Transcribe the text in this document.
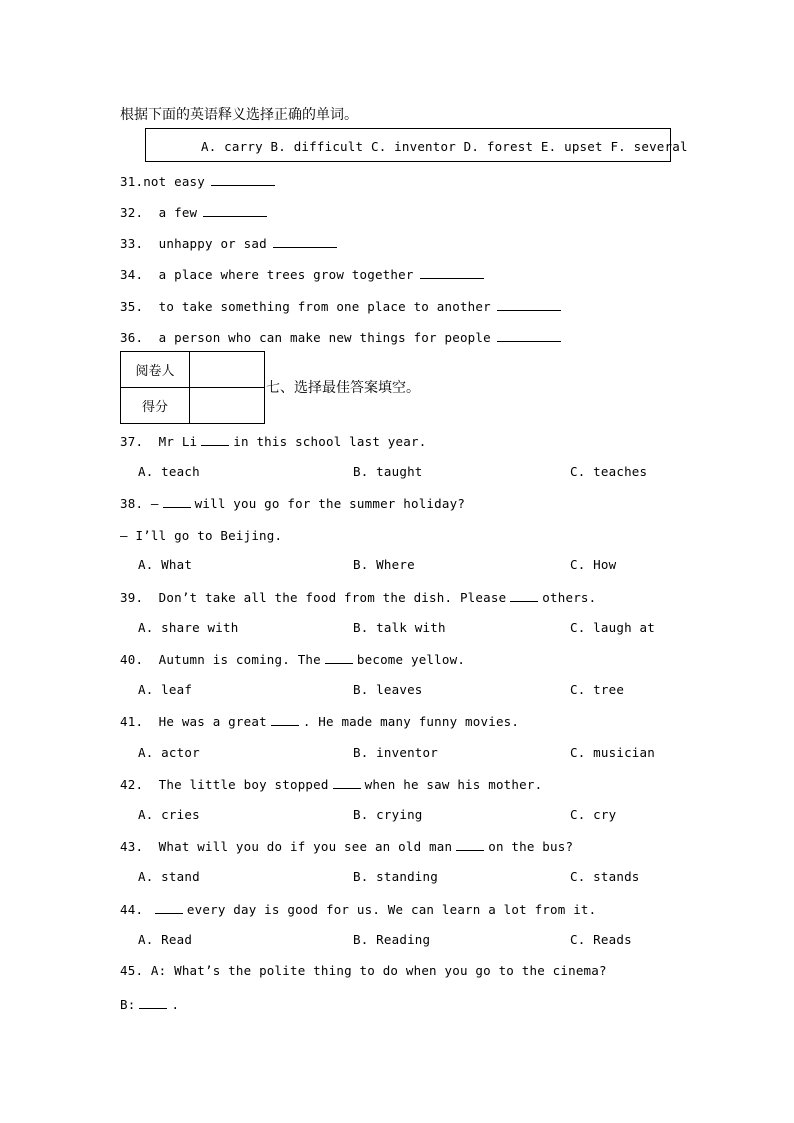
根据下面的英语释义选择正确的单词。
A. carry B. difficult C. inventor D. forest E. upset F. several
31.not easy
32. a few
33. unhappy or sad
34. a place where trees grow together
35. to take something from one place to another
36. a person who can make new things for people
阅卷人	
得分	
七、选择最佳答案填空。
37. Mr Li	in this school last year.
A. teach	B. taught	C. teaches
38. —	will you go for the summer holiday?
— I’ll go to Beijing.
A. What	B. Where	C. How
39. Don’t take all the food from the dish. Please	others.
A. share with	B. talk with	C. laugh at
40. Autumn is coming. The	become yellow.
A. leaf	B. leaves	C. tree
41. He was a great	. He made many funny movies.
A. actor	B. inventor	C. musician
42. The little boy stopped	when he saw his mother.
A. cries	B. crying	C. cry
43. What will you do if you see an old man	on the bus?
A. stand	B. standing	C. stands
44.	every day is good for us. We can learn a lot from it.
A. Read	B. Reading	C. Reads
45. A: What’s the polite thing to do when you go to the cinema?
B:	.
